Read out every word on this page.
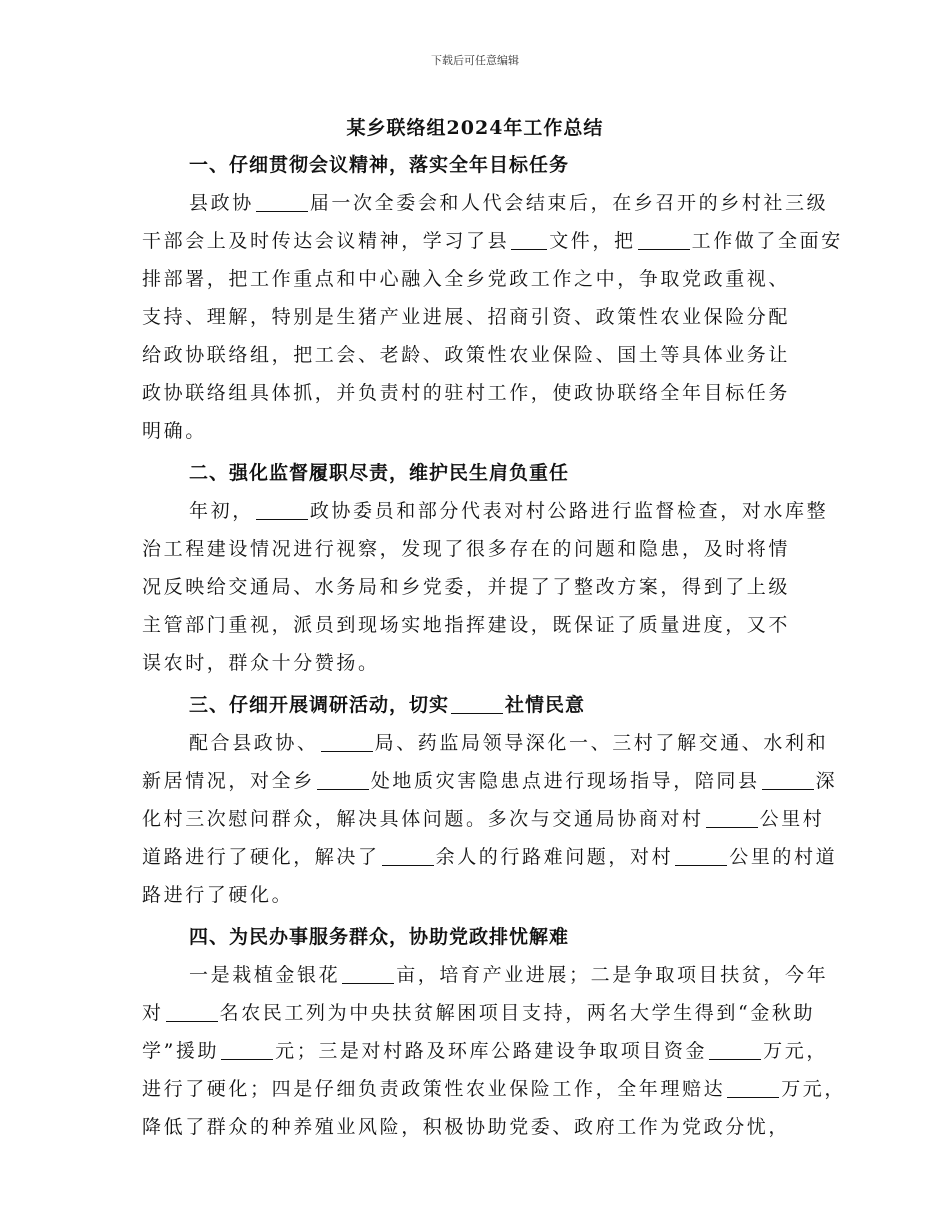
下载后可任意编辑
某乡联络组2024年工作总结
一、仔细贯彻会议精神，落实全年目标任务
县政协	届一次全委会和人代会结束后，在乡召开的乡村社三级
干部会上及时传达会议精神，学习了县 文件，把	工作做了全面安
排部署，把工作重点和中心融入全乡党政工作之中，争取党政重视、
支持、理解，特别是生猪产业进展、招商引资、政策性农业保险分配
给政协联络组，把工会、老龄、政策性农业保险、国土等具体业务让
政协联络组具体抓，并负责村的驻村工作，使政协联络全年目标任务
明确。
二、强化监督履职尽责，维护民生肩负重任
年初，	政协委员和部分代表对村公路进行监督检查，对水库整
治工程建设情况进行视察，发现了很多存在的问题和隐患，及时将情
况反映给交通局、水务局和乡党委，并提了了整改方案，得到了上级
主管部门重视，派员到现场实地指挥建设，既保证了质量进度，又不
误农时，群众十分赞扬。
三、仔细开展调研活动，切实	社情民意
配合县政协、	局、药监局领导深化一、三村了解交通、水利和
新居情况，对全乡	处地质灾害隐患点进行现场指导，陪同县	深
化村三次慰问群众，解决具体问题。多次与交通局协商对村	公里村
道路进行了硬化，解决了	余人的行路难问题，对村	公里的村道
路进行了硬化。
四、为民办事服务群众，协助党政排忧解难
一是栽植金银花	亩，培育产业进展；二是争取项目扶贫，今年
对	名农民工列为中央扶贫解困项目支持，两名大学生得到“金秋助
学”援助	元；三是对村路及环库公路建设争取项目资金	万元，
进行了硬化；四是仔细负责政策性农业保险工作，全年理赔达	万元，
降低了群众的种养殖业风险，积极协助党委、政府工作为党政分忧，
